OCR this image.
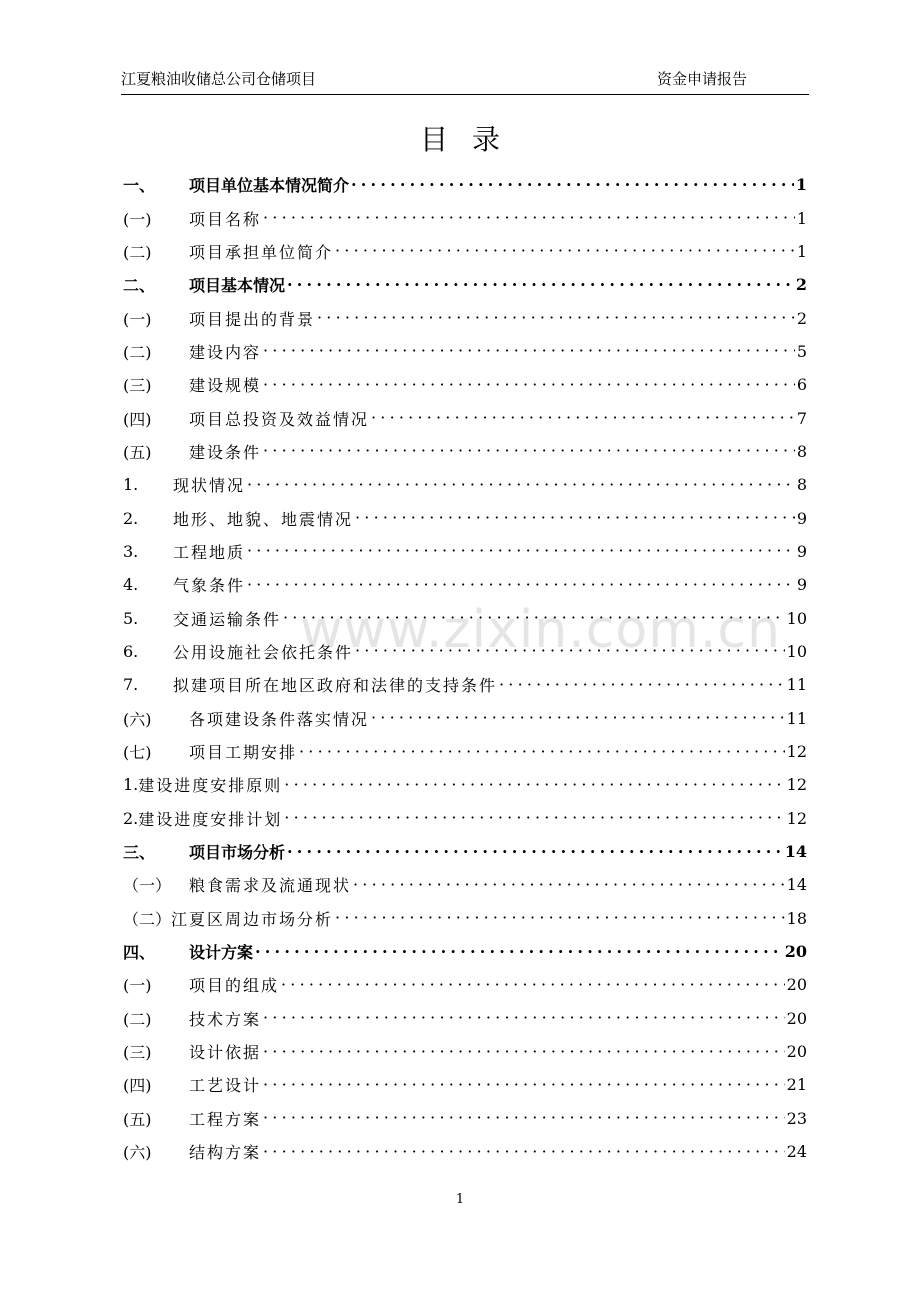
江夏粮油收储总公司仓储项目	资金申请报告
目录
一、	项目单位基本情况简介 ·····	1
(一)	项目名称 ·····	1
(二)	项目承担单位简介 ·····	1
二、	项目基本情况 ·····	2
(一)	项目提出的背景 ·····	2
(二)	建设内容 ·····	5
(三)	建设规模 ·····	6
(四)	项目总投资及效益情况 ·····	7
(五)	建设条件 ·····	8
1.	现状情况 ·····	8
2.	地形、地貌、地震情况 ·····	9
3.	工程地质 ·····	9
4.	气象条件 ·····	9
5.	交通运输条件 ·····	10
6.	公用设施社会依托条件 ·····	10
7.	拟建项目所在地区政府和法律的支持条件 ·····	11
(六)	各项建设条件落实情况 ·····	11
(七)	项目工期安排 ·····	12
1. 建设进度安排原则 ·····	12
2. 建设进度安排计划 ·····	12
三、	项目市场分析 ·····	14
（一）	粮食需求及流通现状 ·····	14
（二） 江夏区周边市场分析 ·····	18
四、	设计方案 ·····	20
(一)	项目的组成 ·····	20
(二)	技术方案 ·····	20
(三)	设计依据 ·····	20
(四)	工艺设计 ·····	21
(五)	工程方案 ·····	23
(六)	结构方案 ·····	24
www.zixin.com.cn
1
